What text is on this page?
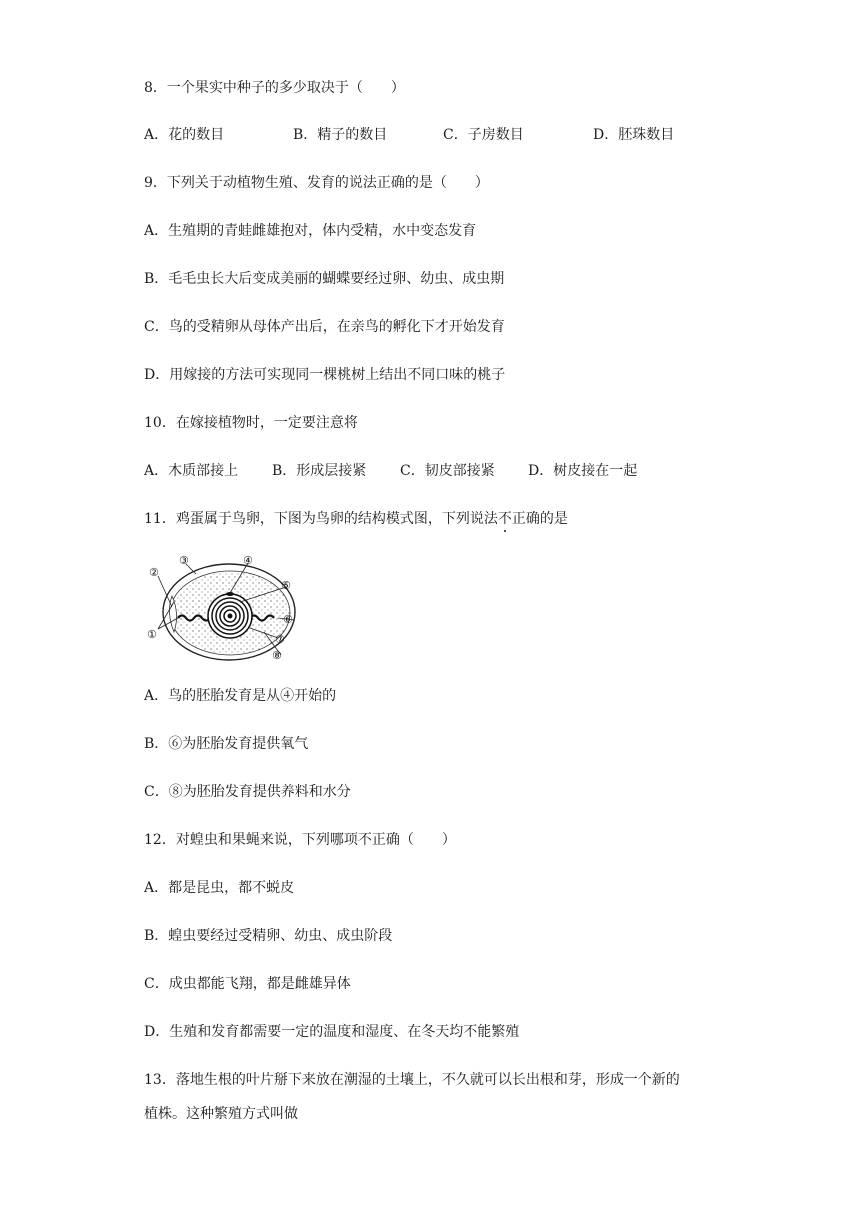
8．一个果实中种子的多少取决于（　　）
A．花的数目	B．精子的数目	C．子房数目	D．胚珠数目
9．下列关于动植物生殖、发育的说法正确的是（　　）
A．生殖期的青蛙雌雄抱对，体内受精，水中变态发育
B．毛毛虫长大后变成美丽的蝴蝶要经过卵、幼虫、成虫期
C．鸟的受精卵从母体产出后，在亲鸟的孵化下才开始发育
D．用嫁接的方法可实现同一棵桃树上结出不同口味的桃子
10．在嫁接植物时，一定要注意将
A．木质部接上 B．形成层接紧 C．韧皮部接紧 D．树皮接在一起
11．鸡蛋属于鸟卵，下图为鸟卵的结构模式图，下列说法不正确的是
①
②
③	④
⑤
⑥
⑦
⑧
A．鸟的胚胎发育是从④开始的
B．⑥为胚胎发育提供氧气
C．⑧为胚胎发育提供养料和水分
12．对蝗虫和果蝇来说，下列哪项不正确（　　）
A．都是昆虫，都不蜕皮
B．蝗虫要经过受精卵、幼虫、成虫阶段
C．成虫都能飞翔，都是雌雄异体
D．生殖和发育都需要一定的温度和湿度、在冬天均不能繁殖
13．落地生根的叶片掰下来放在潮湿的土壤上，不久就可以长出根和芽，形成一个新的
植株。这种繁殖方式叫做
